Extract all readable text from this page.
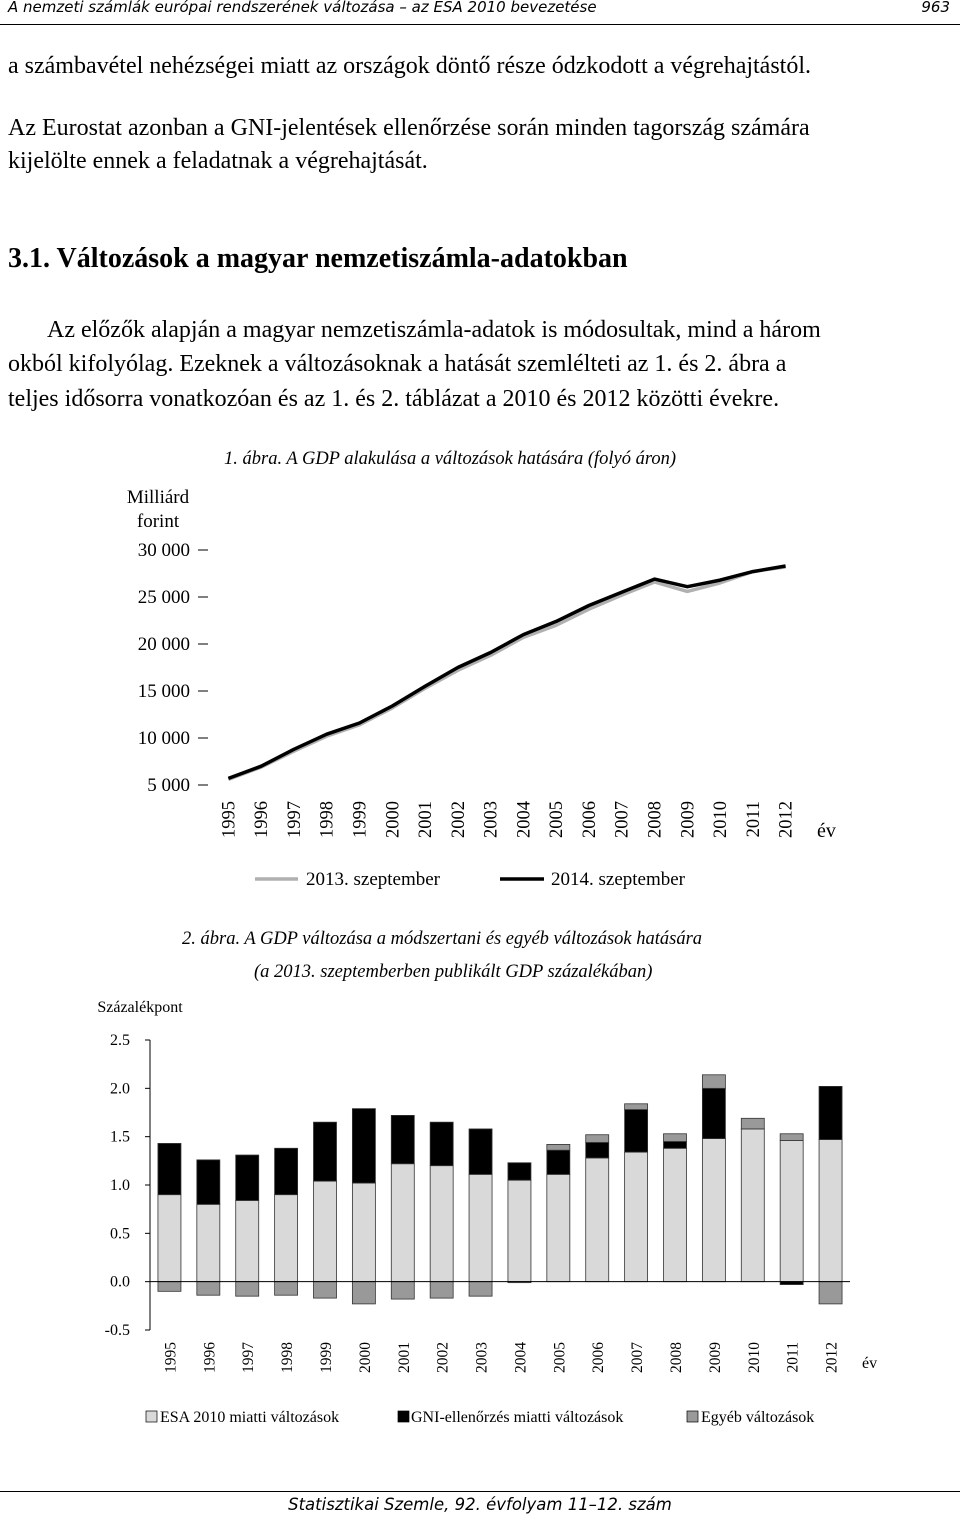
A nemzeti számlák európai rendszerének változása – az ESA 2010 bevezetése	963
a számbavétel nehézségei miatt az országok döntő része ódzkodott a végrehajtástól.
Az Eurostat azonban a GNI-jelentések ellenőrzése során minden tagország számára
kijelölte ennek a feladatnak a végrehajtását.
3.1. Változások a magyar nemzetiszámla-adatokban
Az előzők alapján a magyar nemzetiszámla-adatok is módosultak, mind a három
okból kifolyólag. Ezeknek a változásoknak a hatását szemlélteti az 1. és 2. ábra a
teljes idősorra vonatkozóan és az 1. és 2. táblázat a 2010 és 2012 közötti évekre.
1. ábra. A GDP alakulása a változások hatására (folyó áron)
2. ábra. A GDP változása a módszertani és egyéb változások hatására
(a 2013. szeptemberben publikált GDP százalékában)
Milliárd
forint
5 000
10 000
15 000
20 000
25 000
30 000
1995 1996 1997 1998 1999 2000 2001 2002 2003 2004 2005 2006 2007 2008 2009 2010 2011 2012 év
2013. szeptember	2014. szeptember
Százalékpont
-0.5
0.0
0.5
1.0
1.5
2.0
2.5
1995 1996 1997 1998 1999 2000 2001 2002 2003 2004 2005 2006 2007 2008 2009 2010 2011 2012 év
ESA 2010 miatti változások	GNI-ellenőrzés miatti változások	Egyéb változások
Statisztikai Szemle, 92. évfolyam 11–12. szám
